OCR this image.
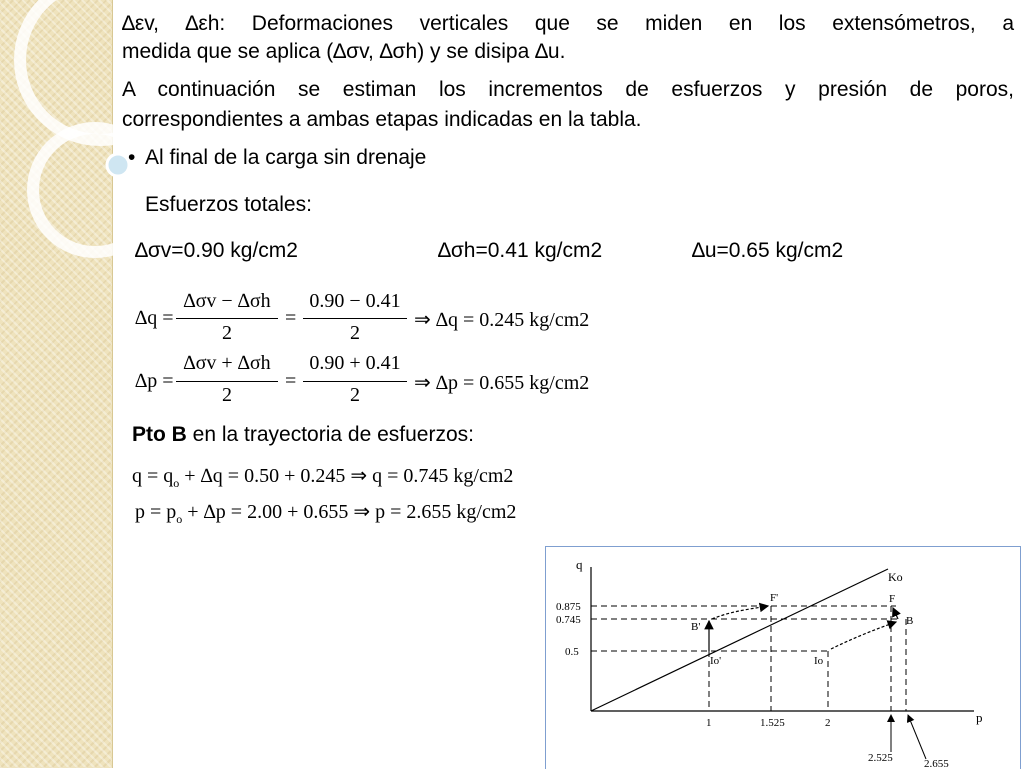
∆εv, ∆εh: Deformaciones verticales que se miden en los extensómetros, a
medida que se aplica (∆σv, ∆σh) y se disipa ∆u.
A continuación se estiman los incrementos de esfuerzos y presión de poros,
correspondientes a ambas etapas indicadas en la tabla.
• Al final de la carga sin drenaje
Esfuerzos totales:
∆σv=0.90 kg/cm2	∆σh=0.41 kg/cm2	∆u=0.65 kg/cm2
∆q =
∆σv − ∆σh
2
=
0.90 − 0.41
2
⇒ ∆q = 0.245 kg/cm2
∆p =
∆σv + ∆σh
2
=
0.90 + 0.41
2
⇒ ∆p = 0.655 kg/cm2
Pto B en la trayectoria de esfuerzos:
$q = q_o + \Delta q = 0.50 + 0.245$ ⇒ q = 0.745 kg/cm2
$p = p_o + \Delta p = 2.00 + 0.655$ ⇒ p = 2.655 kg/cm2
q
p
Ko
F'	F
B'	B
Io'	Io
0.875
0.745
0.5
1	1.525	2
2.525	2.655
